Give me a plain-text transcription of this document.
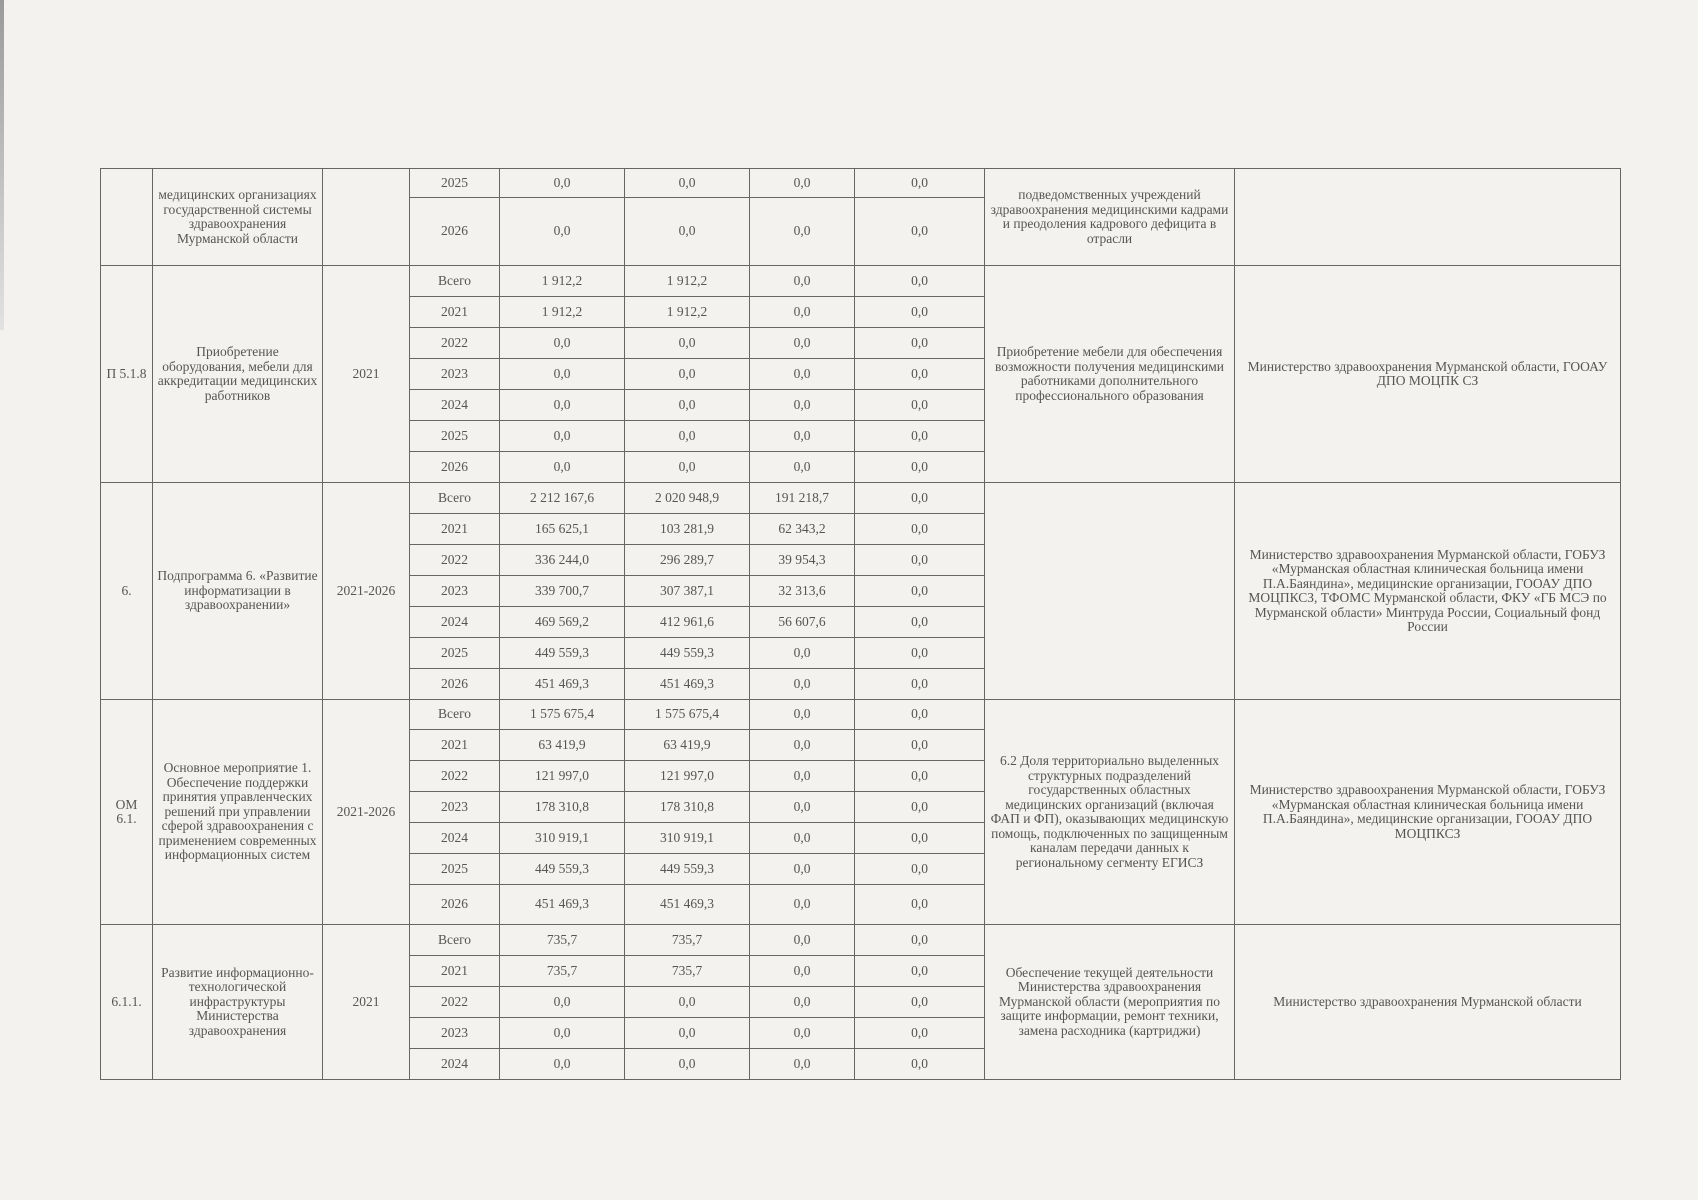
	медицинских организациях государственной системы здравоохранения Мурманской области		2025	0,0	0,0	0,0	0,0	подведомственных учреждений здравоохранения медицинскими кадрами и преодоления кадрового дефицита в отрасли	
			2026	0,0	0,0	0,0	0,0		
П 5.1.8	Приобретение оборудования, мебели для аккредитации медицинских работников	2021	Всего	1 912,2	1 912,2	0,0	0,0	Приобретение мебели для обеспечения возможности получения медицинскими работниками дополнительного профессионального образования	Министерство здравоохранения Мурманской области, ГООАУ ДПО МОЦПК СЗ
			2021	1 912,2	1 912,2	0,0	0,0		
			2022	0,0	0,0	0,0	0,0		
			2023	0,0	0,0	0,0	0,0		
			2024	0,0	0,0	0,0	0,0		
			2025	0,0	0,0	0,0	0,0		
			2026	0,0	0,0	0,0	0,0		
6.	Подпрограмма 6. «Развитие информатизации в здравоохранении»	2021-2026	Всего	2 212 167,6	2 020 948,9	191 218,7	0,0		Министерство здравоохранения Мурманской области, ГОБУЗ «Мурманская областная клиническая больница имени П.А.Баяндина», медицинские организации, ГООАУ ДПО МОЦПКСЗ, ТФОМС Мурманской области, ФКУ «ГБ МСЭ по Мурманской области» Минтруда России, Социальный фонд России
			2021	165 625,1	103 281,9	62 343,2	0,0		
			2022	336 244,0	296 289,7	39 954,3	0,0		
			2023	339 700,7	307 387,1	32 313,6	0,0		
			2024	469 569,2	412 961,6	56 607,6	0,0		
			2025	449 559,3	449 559,3	0,0	0,0		
			2026	451 469,3	451 469,3	0,0	0,0		
ОМ 6.1.	Основное мероприятие 1. Обеспечение поддержки принятия управленческих решений при управлении сферой здравоохранения с применением современных информационных систем	2021-2026	Всего	1 575 675,4	1 575 675,4	0,0	0,0	6.2 Доля территориально выделенных структурных подразделений государственных областных медицинских организаций (включая ФАП и ФП), оказывающих медицинскую помощь, подключенных по защищенным каналам передачи данных к региональному сегменту ЕГИСЗ	Министерство здравоохранения Мурманской области, ГОБУЗ «Мурманская областная клиническая больница имени П.А.Баяндина», медицинские организации, ГООАУ ДПО МОЦПКСЗ
			2021	63 419,9	63 419,9	0,0	0,0		
			2022	121 997,0	121 997,0	0,0	0,0		
			2023	178 310,8	178 310,8	0,0	0,0		
			2024	310 919,1	310 919,1	0,0	0,0		
			2025	449 559,3	449 559,3	0,0	0,0		
			2026	451 469,3	451 469,3	0,0	0,0		
6.1.1.	Развитие информационно-технологической инфраструктуры Министерства здравоохранения	2021	Всего	735,7	735,7	0,0	0,0	Обеспечение текущей деятельности Министерства здравоохранения Мурманской области (мероприятия по защите информации, ремонт техники, замена расходника (картриджи)	Министерство здравоохранения Мурманской области
			2021	735,7	735,7	0,0	0,0		
			2022	0,0	0,0	0,0	0,0		
			2023	0,0	0,0	0,0	0,0		
			2024	0,0	0,0	0,0	0,0		
